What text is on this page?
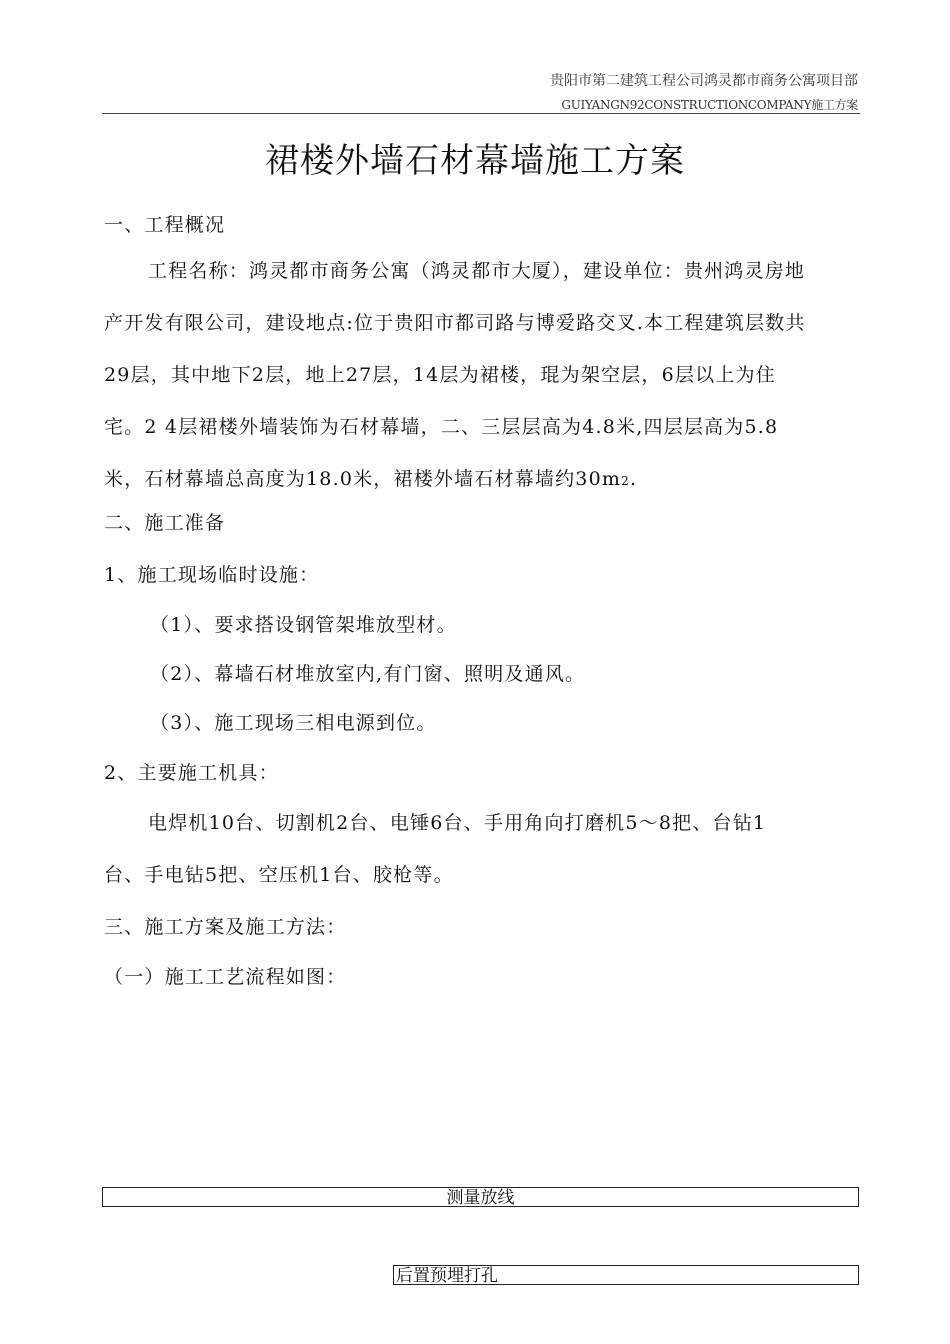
贵阳市第二建筑工程公司鸿灵都市商务公寓项目部
GUIYANGN92CONSTRUCTIONCOMPANY施工方案
裙楼外墙石材幕墙施工方案
一、工程概况
工程名称：鸿灵都市商务公寓（鸿灵都市大厦），建设单位：贵州鸿灵房地
产开发有限公司，建设地点:位于贵阳市都司路与博爱路交叉.本工程建筑层数共
29层，其中地下2层，地上27层，14层为裙楼，琨为架空层，6层以上为住
宅。2 4层裙楼外墙装饰为石材幕墙，二、三层层高为4.8米,四层层高为5.8
米，石材幕墙总高度为18.0米，裙楼外墙石材幕墙约30m2.
二、施工准备
1、施工现场临时设施：
（1）、要求搭设钢管架堆放型材。
（2）、幕墙石材堆放室内,有门窗、照明及通风。
（3）、施工现场三相电源到位。
2、主要施工机具：
电焊机10台、切割机2台、电锤6台、手用角向打磨机5〜8把、台钻1
台、手电钻5把、空压机1台、胶枪等。
三、施工方案及施工方法：
（一）施工工艺流程如图：
测量放线
后置预埋打孔
